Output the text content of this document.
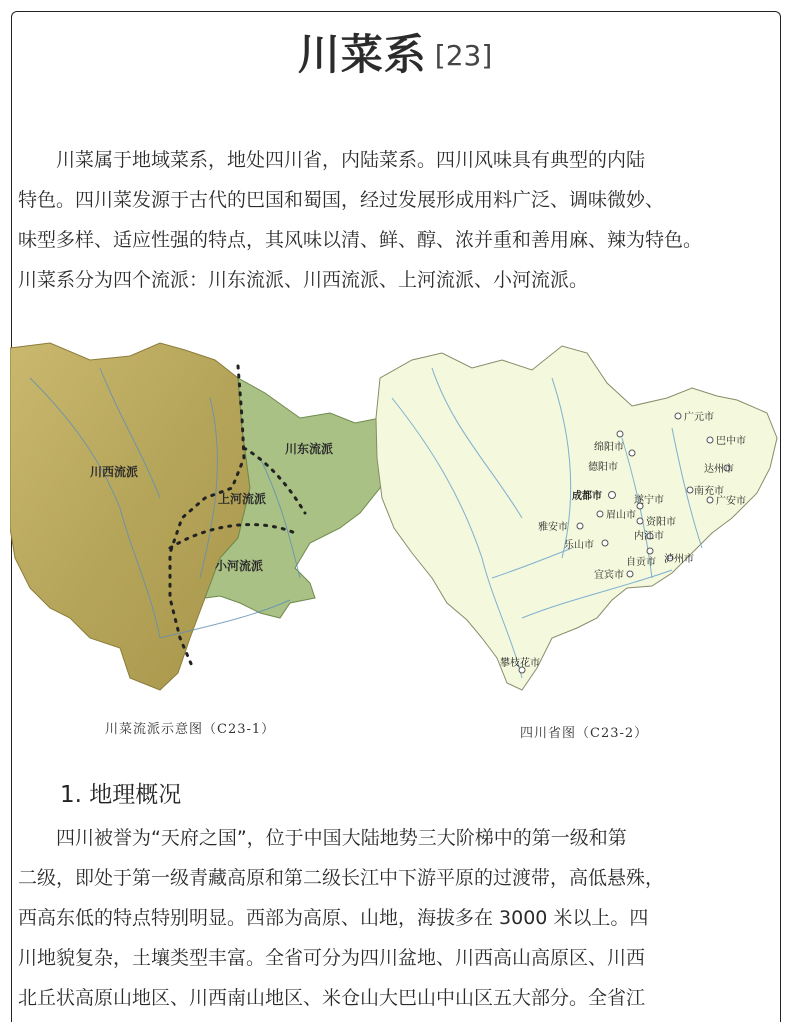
川菜系 [23]

川菜属于地域菜系，地处四川省，内陆菜系。四川风味具有典型的内陆
特色。四川菜发源于古代的巴国和蜀国，经过发展形成用料广泛、调味微妙、
味型多样、适应性强的特点，其风味以清、鲜、醇、浓并重和善用麻、辣为特色。
川菜系分为四个流派：川东流派、川西流派、上河流派、小河流派。

川西流派
川东流派
上河流派
小河流派
川菜流派示意图（C23-1）
广元市
巴中市
绵阳市
德阳市	达州市
成都市	南充市
广安市
遂宁市
眉山市
资阳市
雅安市
内江市
乐山市
自贡市 泸州市
宜宾市
攀枝花市
四川省图（C23-2）
1. 地理概况

　　四川被誉为“天府之国”，位于中国大陆地势三大阶梯中的第一级和第
二级，即处于第一级青藏高原和第二级长江中下游平原的过渡带，高低悬殊，
西高东低的特点特别明显。西部为高原、山地，海拔多在 3000 米以上。四
川地貌复杂，土壤类型丰富。全省可分为四川盆地、川西高山高原区、川西
北丘状高原山地区、川西南山地区、米仓山大巴山中山区五大部分。全省江
